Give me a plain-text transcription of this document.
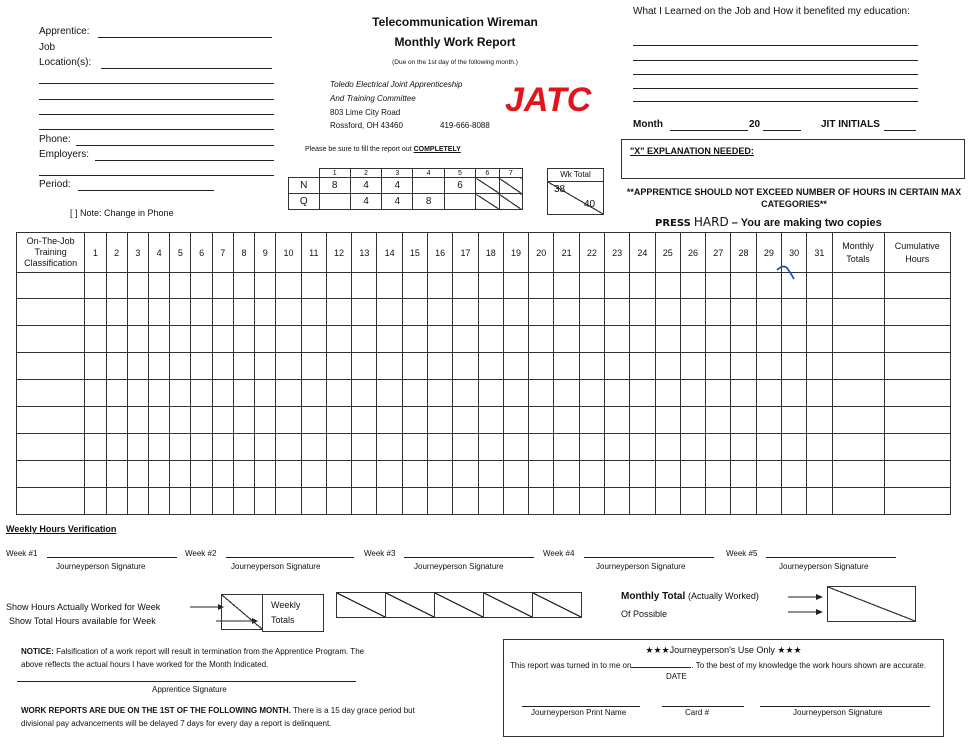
Apprentice:
Job
Location(s):
Phone:
Employers:
Period:
[ ] Note: Change in Phone
Telecommunication Wireman
Monthly Work Report
(Due on the 1st day of the following month.)
Toledo Electrical Joint Apprenticeship
And Training Committee
803 Lime City Road
Rossford, OH 43460	419-666-8088
JATC
Please be sure to fill the report out COMPLETELY
	1	2	3	4	5	6	7
N	8	4	4		6		
Q		4	4	8			
Wk Total
38
40
What I Learned on the Job and How it benefited my education:
Month	20	JIT INITIALS
"X" EXPLANATION NEEDED:
**APPRENTICE SHOULD NOT EXCEED NUMBER OF HOURS IN CERTAIN MAX CATEGORIES**
PRESS HARD – You are making two copies
On-The-Job Training Classification	1	2	3	4	5	6	7	8	9	10	11	12	13	14	15	16	17	18	19	20	21	22	23	24	25	26	27	28	29	30	31	Monthly Totals	Cumulative Hours

Weekly Hours Verification
Week #1
Journeyperson Signature
Week #2
Journeyperson Signature
Week #3
Journeyperson Signature
Week #4
Journeyperson Signature
Week #5
Journeyperson Signature
Show Hours Actually Worked for Week
Show Total Hours available for Week
Weekly Totals
Monthly Total (Actually Worked)
Of Possible
NOTICE: Falsification of a work report will result in termination from the Apprentice Program. The above reflects the actual hours I have worked for the Month Indicated.
Apprentice Signature
WORK REPORTS ARE DUE ON THE 1ST OF THE FOLLOWING MONTH. There is a 15 day grace period but divisional pay advancements will be delayed 7 days for every day a report is delinquent.
★★★Journeyperson's Use Only ★★★
This report was turned in to me on	. To the best of my knowledge the work hours shown are accurate.
DATE
Journeyperson Print Name	Card #	Journeyperson Signature
